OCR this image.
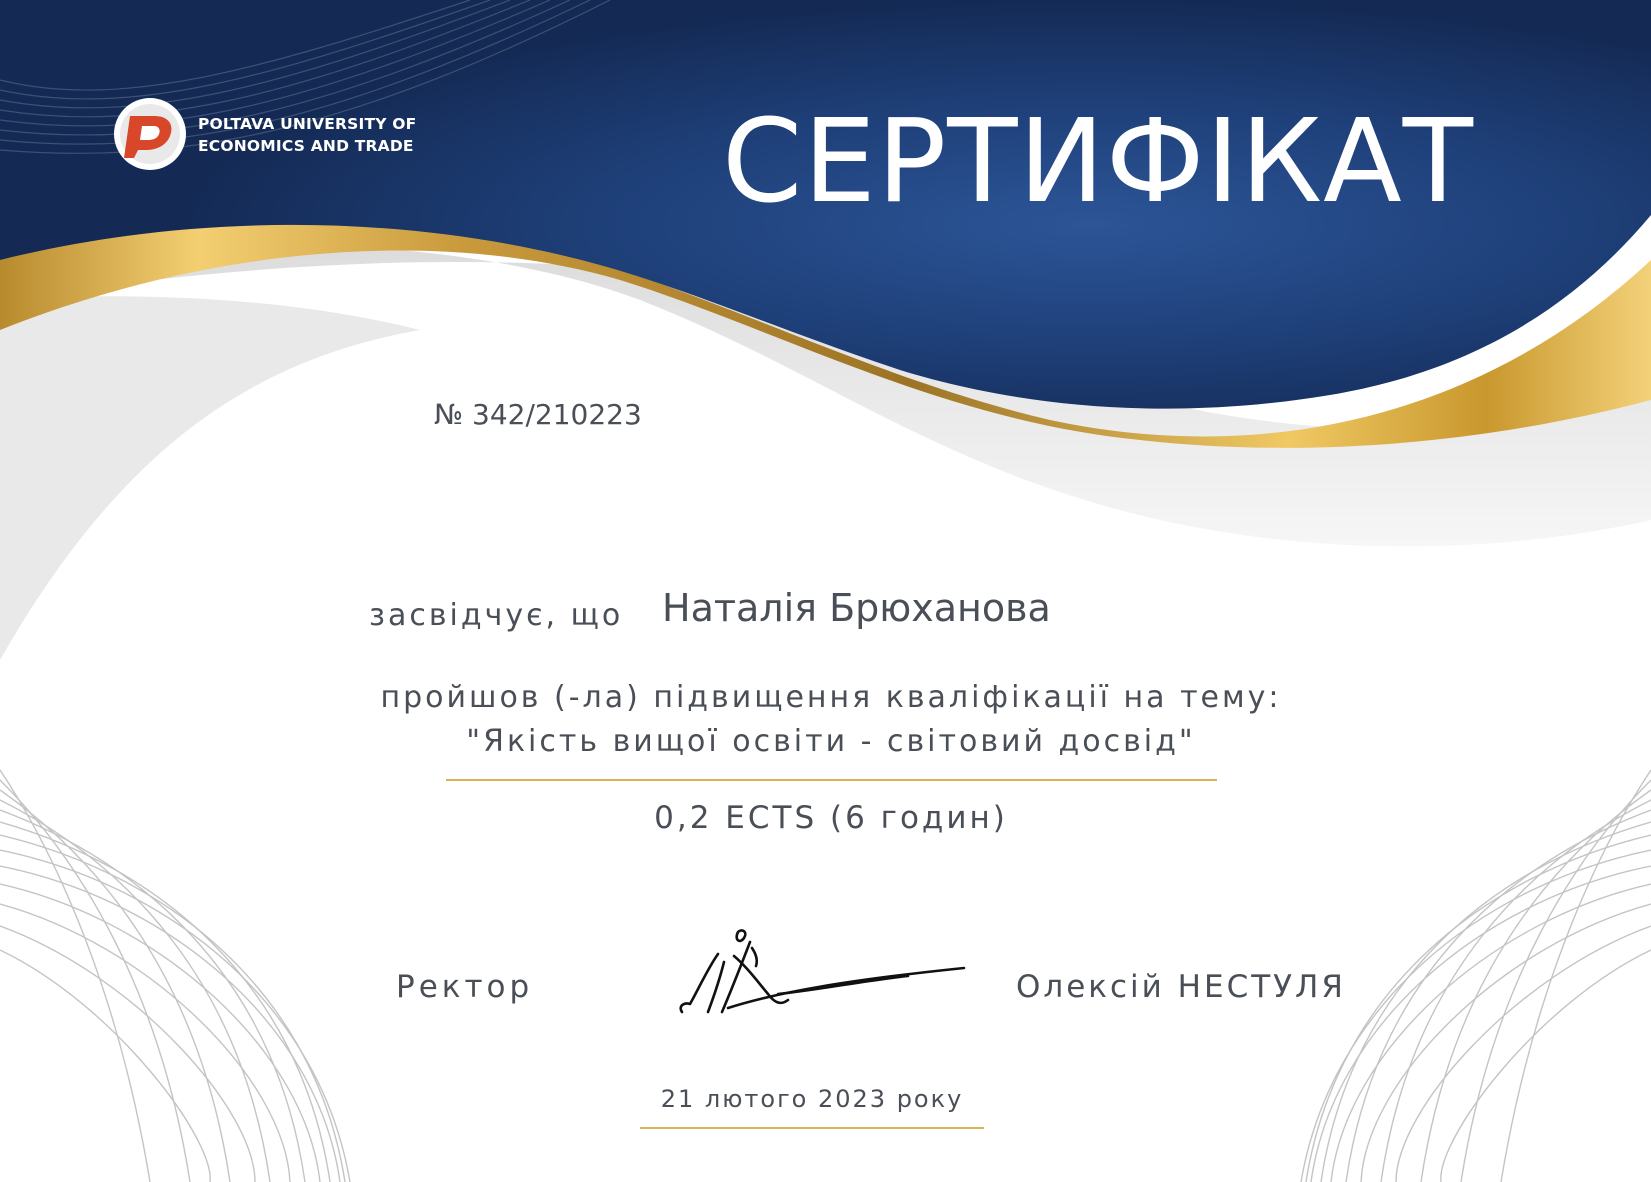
POLTAVA UNIVERSITY OF
ECONOMICS AND TRADE	СЕРТИФІКАТ
№ 342/210223
засвідчує, що Наталія Брюханова
пройшов (-ла) підвищення кваліфікації на тему:
"Якість вищої освіти - світовий досвід"
0,2 ECTS (6 годин)
Ректор	Олексій НЕСТУЛЯ
21 лютого 2023 року
